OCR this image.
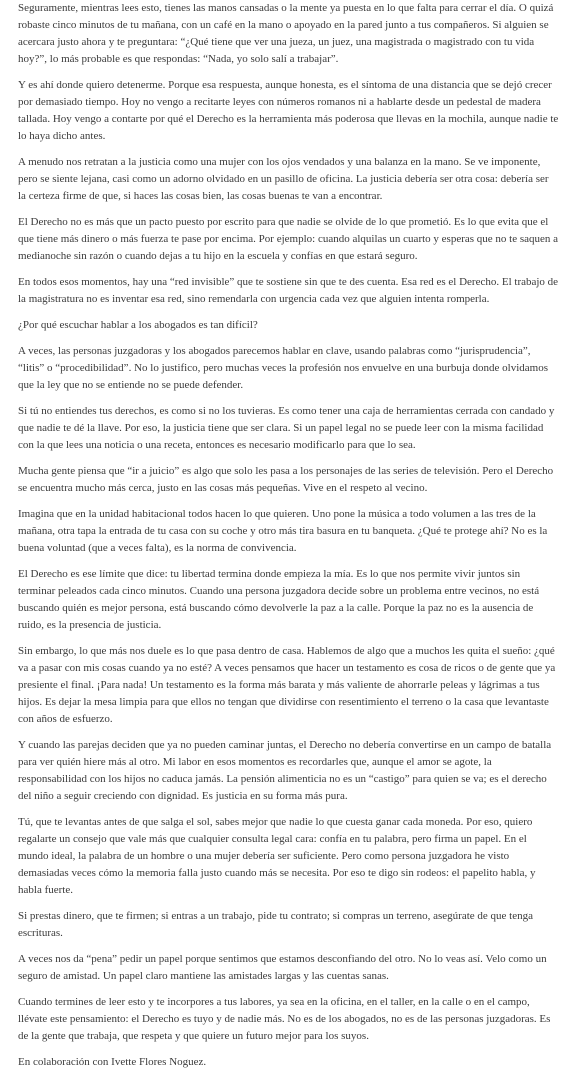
Seguramente, mientras lees esto, tienes las manos cansadas o la mente ya puesta en lo que falta para cerrar el día. O quizá robaste cinco minutos de tu mañana, con un café en la mano o apoyado en la pared junto a tus compañeros. Si alguien se acercara justo ahora y te preguntara: “¿Qué tiene que ver una jueza, un juez, una magistrada o magistrado con tu vida hoy?”, lo más probable es que respondas: “Nada, yo solo salí a trabajar”.

Y es ahí donde quiero detenerme. Porque esa respuesta, aunque honesta, es el síntoma de una distancia que se dejó crecer por demasiado tiempo. Hoy no vengo a recitarte leyes con números romanos ni a hablarte desde un pedestal de madera tallada. Hoy vengo a contarte por qué el Derecho es la herramienta más poderosa que llevas en la mochila, aunque nadie te lo haya dicho antes.

A menudo nos retratan a la justicia como una mujer con los ojos vendados y una balanza en la mano. Se ve imponente, pero se siente lejana, casi como un adorno olvidado en un pasillo de oficina. La justicia debería ser otra cosa: debería ser la certeza firme de que, si haces las cosas bien, las cosas buenas te van a encontrar.

El Derecho no es más que un pacto puesto por escrito para que nadie se olvide de lo que prometió. Es lo que evita que el que tiene más dinero o más fuerza te pase por encima. Por ejemplo: cuando alquilas un cuarto y esperas que no te saquen a medianoche sin razón o cuando dejas a tu hijo en la escuela y confías en que estará seguro.

En todos esos momentos, hay una “red invisible” que te sostiene sin que te des cuenta. Esa red es el Derecho. El trabajo de la magistratura no es inventar esa red, sino remendarla con urgencia cada vez que alguien intenta romperla.

¿Por qué escuchar hablar a los abogados es tan difícil?

A veces, las personas juzgadoras y los abogados parecemos hablar en clave, usando palabras como “jurisprudencia”, “litis” o “procedibilidad”. No lo justifico, pero muchas veces la profesión nos envuelve en una burbuja donde olvidamos que la ley que no se entiende no se puede defender.

Si tú no entiendes tus derechos, es como si no los tuvieras. Es como tener una caja de herramientas cerrada con candado y que nadie te dé la llave. Por eso, la justicia tiene que ser clara. Si un papel legal no se puede leer con la misma facilidad con la que lees una noticia o una receta, entonces es necesario modificarlo para que lo sea.

Mucha gente piensa que “ir a juicio” es algo que solo les pasa a los personajes de las series de televisión. Pero el Derecho se encuentra mucho más cerca, justo en las cosas más pequeñas. Vive en el respeto al vecino.

Imagina que en la unidad habitacional todos hacen lo que quieren. Uno pone la música a todo volumen a las tres de la mañana, otra tapa la entrada de tu casa con su coche y otro más tira basura en tu banqueta. ¿Qué te protege ahí? No es la buena voluntad (que a veces falta), es la norma de convivencia.

El Derecho es ese límite que dice: tu libertad termina donde empieza la mía. Es lo que nos permite vivir juntos sin terminar peleados cada cinco minutos. Cuando una persona juzgadora decide sobre un problema entre vecinos, no está buscando quién es mejor persona, está buscando cómo devolverle la paz a la calle. Porque la paz no es la ausencia de ruido, es la presencia de justicia.

Sin embargo, lo que más nos duele es lo que pasa dentro de casa. Hablemos de algo que a muchos les quita el sueño: ¿qué va a pasar con mis cosas cuando ya no esté? A veces pensamos que hacer un testamento es cosa de ricos o de gente que ya presiente el final. ¡Para nada! Un testamento es la forma más barata y más valiente de ahorrarle peleas y lágrimas a tus hijos. Es dejar la mesa limpia para que ellos no tengan que dividirse con resentimiento el terreno o la casa que levantaste con años de esfuerzo.

Y cuando las parejas deciden que ya no pueden caminar juntas, el Derecho no debería convertirse en un campo de batalla para ver quién hiere más al otro. Mi labor en esos momentos es recordarles que, aunque el amor se agote, la responsabilidad con los hijos no caduca jamás. La pensión alimenticia no es un “castigo” para quien se va; es el derecho del niño a seguir creciendo con dignidad. Es justicia en su forma más pura.

Tú, que te levantas antes de que salga el sol, sabes mejor que nadie lo que cuesta ganar cada moneda. Por eso, quiero regalarte un consejo que vale más que cualquier consulta legal cara: confía en tu palabra, pero firma un papel. En el mundo ideal, la palabra de un hombre o una mujer debería ser suficiente. Pero como persona juzgadora he visto demasiadas veces cómo la memoria falla justo cuando más se necesita. Por eso te digo sin rodeos: el papelito habla, y habla fuerte.

Si prestas dinero, que te firmen; si entras a un trabajo, pide tu contrato; si compras un terreno, asegúrate de que tenga escrituras.

A veces nos da “pena” pedir un papel porque sentimos que estamos desconfiando del otro. No lo veas así. Velo como un seguro de amistad. Un papel claro mantiene las amistades largas y las cuentas sanas.

Cuando termines de leer esto y te incorpores a tus labores, ya sea en la oficina, en el taller, en la calle o en el campo, llévate este pensamiento: el Derecho es tuyo y de nadie más. No es de los abogados, no es de las personas juzgadoras. Es de la gente que trabaja, que respeta y que quiere un futuro mejor para los suyos.

En colaboración con Ivette Flores Noguez.
